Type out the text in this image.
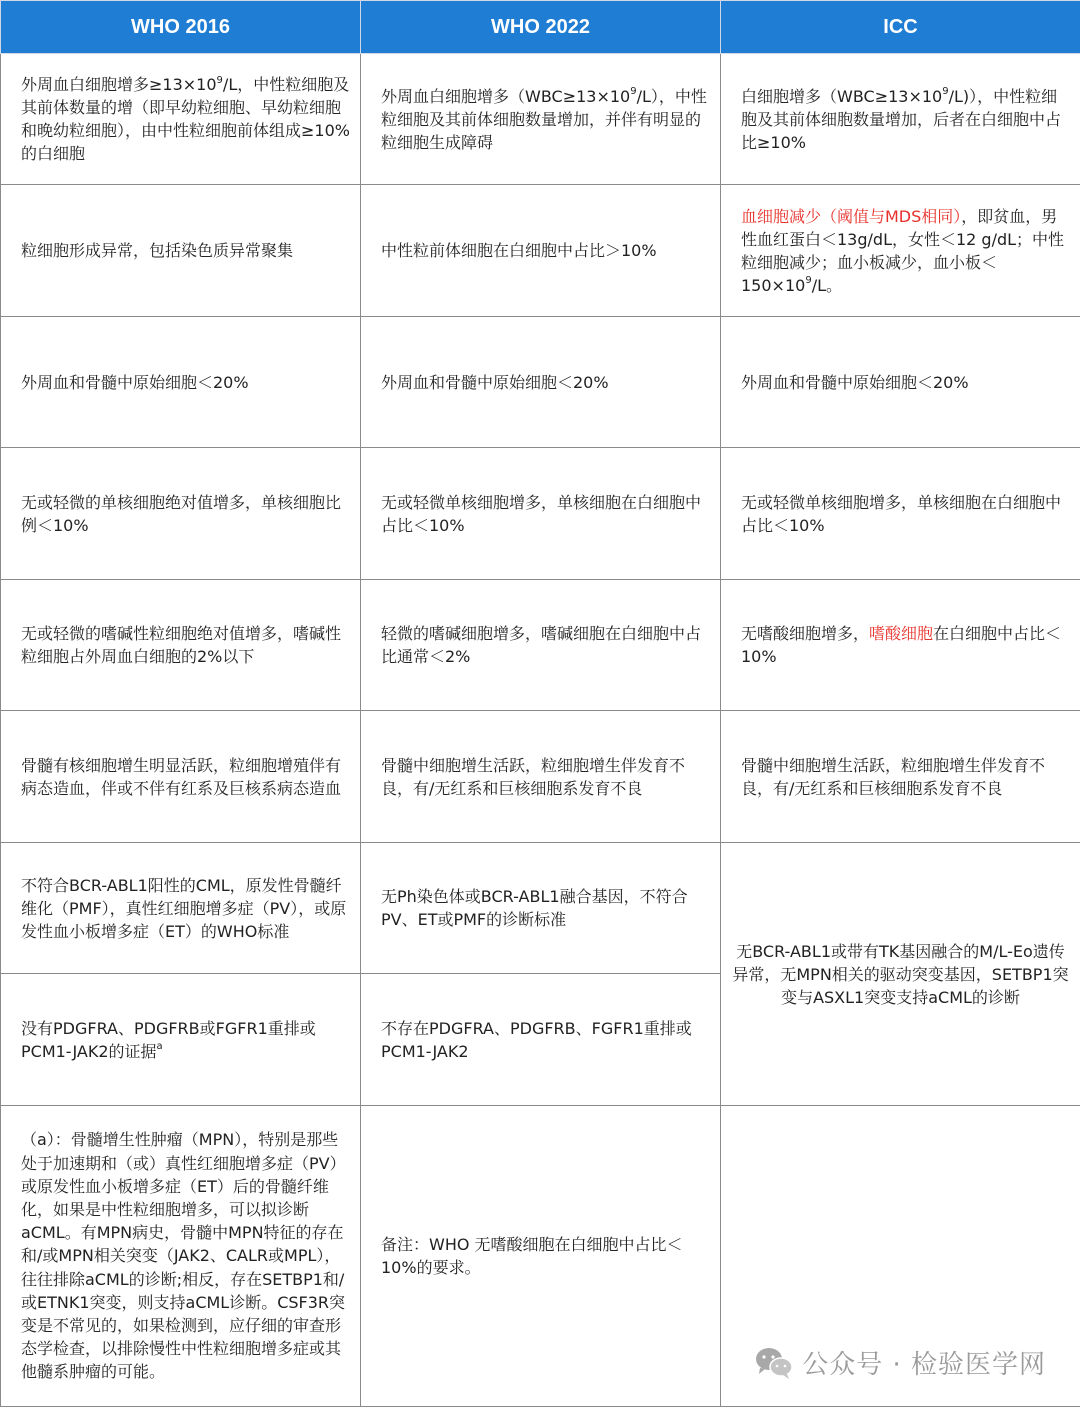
WHO 2016	WHO 2022	ICC
外周血白细胞增多$\ge 13\times 10^9/L$，中性粒细胞及其前体数量的增（即早幼粒细胞、早幼粒细胞和晚幼粒细胞），由中性粒细胞前体组成≥10%的白细胞	外周血白细胞增多$(WBC\ge 13\times 10^9/L)$，中性粒细胞及其前体细胞数量增加，并伴有明显的粒细胞生成障碍	白细胞增多$(WBC\ge 13\times 10^9/L)$），中性粒细胞及其前体细胞数量增加，后者在白细胞中占比≥10%
粒细胞形成异常，包括染色质异常聚集	中性粒前体细胞在白细胞中占比＞10%	血细胞减少（阈值与MDS相同），即贫血，男性血红蛋白＜13g/dL，女性＜12 g/dL；中性粒细胞减少；血小板减少，血小板$<150\times 10^9/L$。
外周血和骨髓中原始细胞＜20%	外周血和骨髓中原始细胞＜20%	外周血和骨髓中原始细胞＜20%
无或轻微的单核细胞绝对值增多，单核细胞比例＜10%	无或轻微单核细胞增多，单核细胞在白细胞中占比＜10%	无或轻微单核细胞增多，单核细胞在白细胞中占比＜10%
无或轻微的嗜碱性粒细胞绝对值增多，嗜碱性粒细胞占外周血白细胞的2%以下	轻微的嗜碱细胞增多，嗜碱细胞在白细胞中占比通常＜2%	无嗜酸细胞增多，嗜酸细胞在白细胞中占比＜10%
骨髓有核细胞增生明显活跃，粒细胞增殖伴有病态造血，伴或不伴有红系及巨核系病态造血	骨髓中细胞增生活跃，粒细胞增生伴发育不良，有/无红系和巨核细胞系发育不良	骨髓中细胞增生活跃，粒细胞增生伴发育不良，有/无红系和巨核细胞系发育不良
不符合BCR-ABL1阳性的CML，原发性骨髓纤维化（PMF），真性红细胞增多症（PV），或原发性血小板增多症（ET）的WHO标准	无Ph染色体或BCR-ABL1融合基因，不符合PV、ET或PMF的诊断标准	无BCR-ABL1或带有TK基因融合的M/L-Eo遗传异常，无MPN相关的驱动突变基因，SETBP1突变与ASXL1突变支持aCML的诊断
没有PDGFRA、PDGFRB或FGFR1重排或PCM1-JAK2的证据$^a$	不存在PDGFRA、PDGFRB、FGFR1重排或PCM1-JAK2	
（a）：骨髓增生性肿瘤（MPN），特别是那些处于加速期和（或）真性红细胞增多症（PV）或原发性血小板增多症（ET）后的骨髓纤维化，如果是中性粒细胞增多，可以拟诊断aCML。有MPN病史，骨髓中MPN特征的存在和/或MPN相关突变（JAK2、CALR或MPL），往往排除aCML的诊断;相反，存在SETBP1和/或ETNK1突变，则支持aCML诊断。CSF3R突变是不常见的，如果检测到，应仔细的审查形态学检查，以排除慢性中性粒细胞增多症或其他髓系肿瘤的可能。	备注：WHO 无嗜酸细胞在白细胞中占比＜10%的要求。	
公众号 · 检验医学网
